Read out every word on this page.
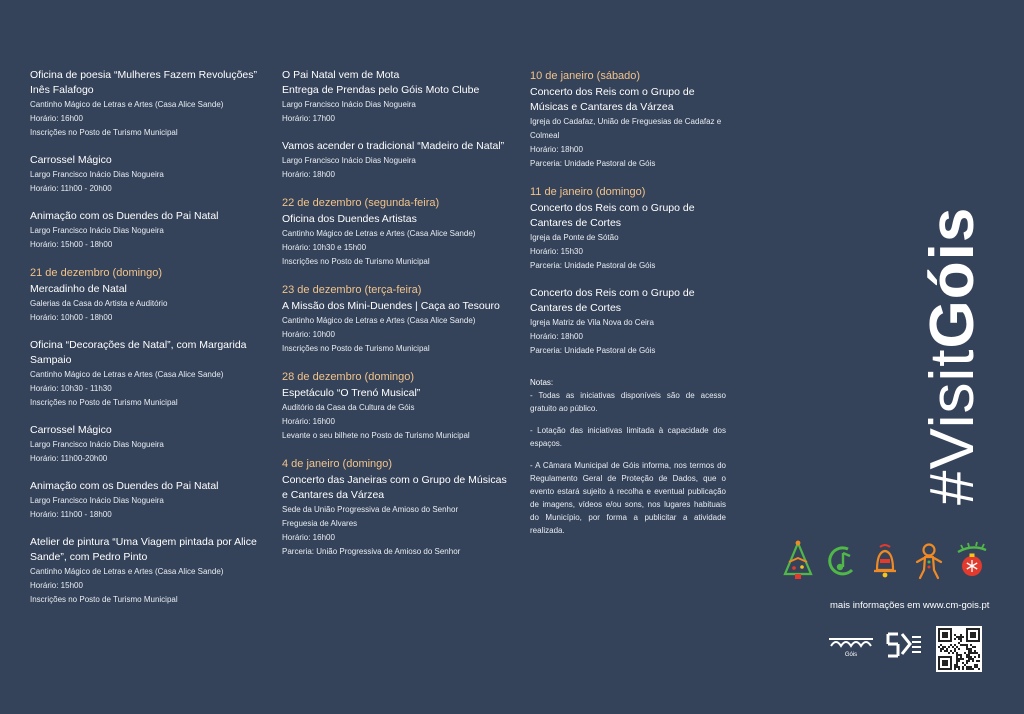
Oficina de poesia “Mulheres Fazem Revoluções” Inês Falafogo
Cantinho Mágico de Letras e Artes (Casa Alice Sande)
Horário: 16h00
Inscrições no Posto de Turismo Municipal
Carrossel Mágico
Largo Francisco Inácio Dias Nogueira
Horário: 11h00 - 20h00
Animação com os Duendes do Pai Natal
Largo Francisco Inácio Dias Nogueira
Horário: 15h00 - 18h00
21 de dezembro (domingo)
Mercadinho de Natal
Galerias da Casa do Artista e Auditório
Horário: 10h00 - 18h00
Oficina “Decorações de Natal”, com Margarida Sampaio
Cantinho Mágico de Letras e Artes (Casa Alice Sande)
Horário: 10h30 - 11h30
Inscrições no Posto de Turismo Municipal
Carrossel Mágico
Largo Francisco Inácio Dias Nogueira
Horário: 11h00-20h00
Animação com os Duendes do Pai Natal
Largo Francisco Inácio Dias Nogueira
Horário: 11h00 - 18h00
Atelier de pintura “Uma Viagem pintada por Alice Sande”, com Pedro Pinto
Cantinho Mágico de Letras e Artes (Casa Alice Sande)
Horário: 15h00
Inscrições no Posto de Turismo Municipal
O Pai Natal vem de Mota
Entrega de Prendas pelo Góis Moto Clube
Largo Francisco Inácio Dias Nogueira
Horário: 17h00
Vamos acender o tradicional “Madeiro de Natal”
Largo Francisco Inácio Dias Nogueira
Horário: 18h00
22 de dezembro (segunda-feira)
Oficina dos Duendes Artistas
Cantinho Mágico de Letras e Artes (Casa Alice Sande)
Horário: 10h30 e 15h00
Inscrições no Posto de Turismo Municipal
23 de dezembro (terça-feira)
A Missão dos Mini-Duendes | Caça ao Tesouro
Cantinho Mágico de Letras e Artes (Casa Alice Sande)
Horário: 10h00
Inscrições no Posto de Turismo Municipal
28 de dezembro (domingo)
Espetáculo “O Trenó Musical”
Auditório da Casa da Cultura de Góis
Horário: 16h00
Levante o seu bilhete no Posto de Turismo Municipal
4 de janeiro (domingo)
Concerto das Janeiras com o Grupo de Músicas e Cantares da Várzea
Sede da União Progressiva de Amioso do Senhor
Freguesia de Alvares
Horário: 16h00
Parceria: União Progressiva de Amioso do Senhor
10 de janeiro (sábado)
Concerto dos Reis com o Grupo de Músicas e Cantares da Várzea
Igreja do Cadafaz, União de Freguesias de Cadafaz e Colmeal
Horário: 18h00
Parceria: Unidade Pastoral de Góis
11 de janeiro (domingo)
Concerto dos Reis com o Grupo de Cantares de Cortes
Igreja da Ponte de Sótão
Horário: 15h30
Parceria: Unidade Pastoral de Góis
Concerto dos Reis com o Grupo de Cantares de Cortes
Igreja Matriz de Vila Nova do Ceira
Horário: 18h00
Parceria: Unidade Pastoral de Góis
Notas:

- Todas as iniciativas disponíveis são de acesso gratuito ao público.

- Lotação das iniciativas limitada à capacidade dos espaços.

- A Câmara Municipal de Góis informa, nos termos do Regulamento Geral de Proteção de Dados, que o evento estará sujeito à recolha e eventual publicação de imagens, vídeos e/ou sons, nos lugares habituais do Município, por forma a publicitar a atividade realizada.

#VisitGóis
mais informações em www.cm-gois.pt
Góis
